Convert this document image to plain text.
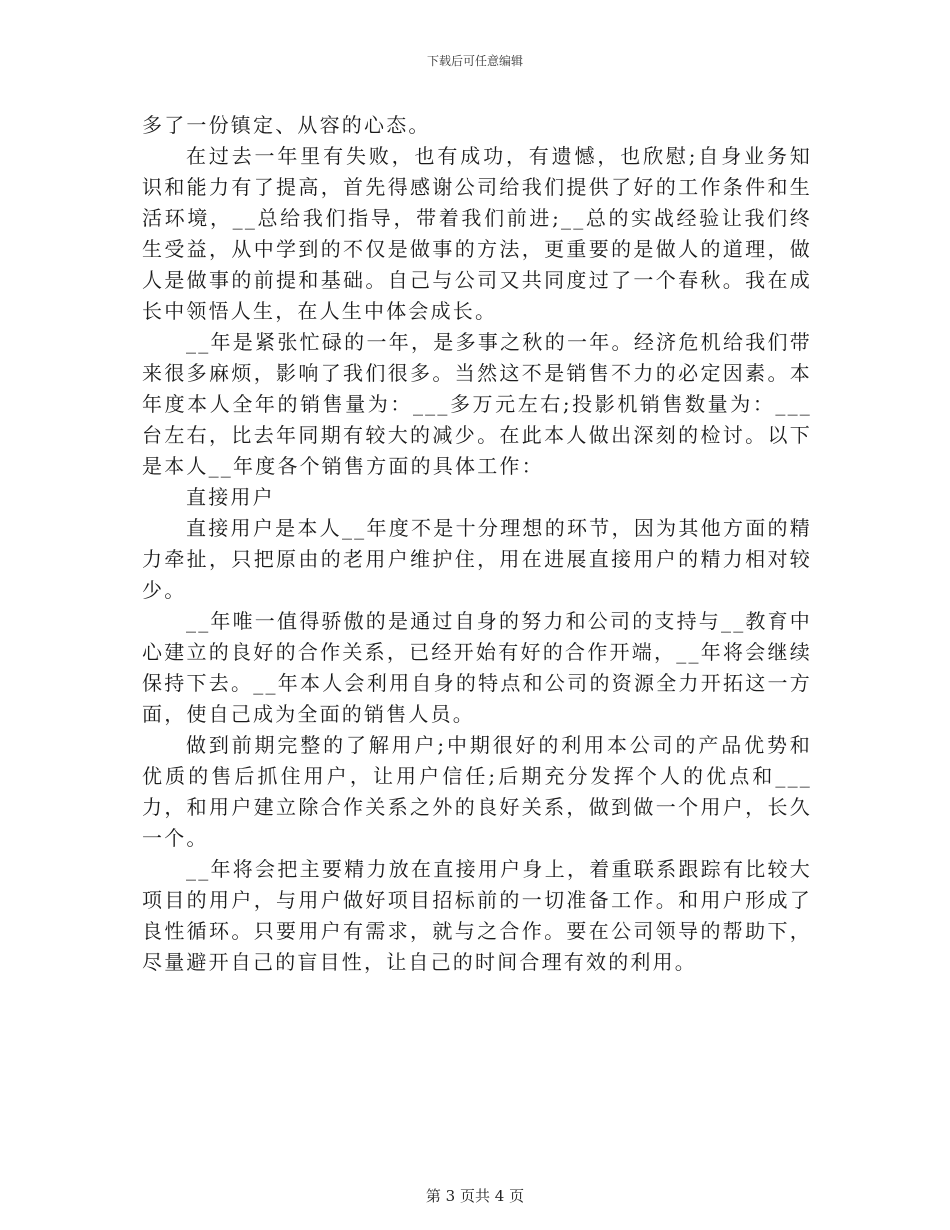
下载后可任意编辑

多了一份镇定、从容的心态。

在过去一年里有失败，也有成功，有遗憾，也欣慰;自身业务知识和能力有了提高，首先得感谢公司给我们提供了好的工作条件和生活环境，__总给我们指导，带着我们前进;__总的实战经验让我们终生受益，从中学到的不仅是做事的方法，更重要的是做人的道理，做人是做事的前提和基础。自己与公司又共同度过了一个春秋。我在成长中领悟人生，在人生中体会成长。

__年是紧张忙碌的一年，是多事之秋的一年。经济危机给我们带来很多麻烦，影响了我们很多。当然这不是销售不力的必定因素。本年度本人全年的销售量为：___多万元左右;投影机销售数量为：___台左右，比去年同期有较大的减少。在此本人做出深刻的检讨。以下是本人__年度各个销售方面的具体工作：

直接用户

直接用户是本人__年度不是十分理想的环节，因为其他方面的精力牵扯，只把原由的老用户维护住，用在进展直接用户的精力相对较少。

__年唯一值得骄傲的是通过自身的努力和公司的支持与__教育中心建立的良好的合作关系，已经开始有好的合作开端，__年将会继续保持下去。__年本人会利用自身的特点和公司的资源全力开拓这一方面，使自己成为全面的销售人员。

做到前期完整的了解用户;中期很好的利用本公司的产品优势和优质的售后抓住用户，让用户信任;后期充分发挥个人的优点和___力，和用户建立除合作关系之外的良好关系，做到做一个用户，长久一个。

__年将会把主要精力放在直接用户身上，着重联系跟踪有比较大项目的用户，与用户做好项目招标前的一切准备工作。和用户形成了良性循环。只要用户有需求，就与之合作。要在公司领导的帮助下，尽量避开自己的盲目性，让自己的时间合理有效的利用。

第 3 页共 4 页
